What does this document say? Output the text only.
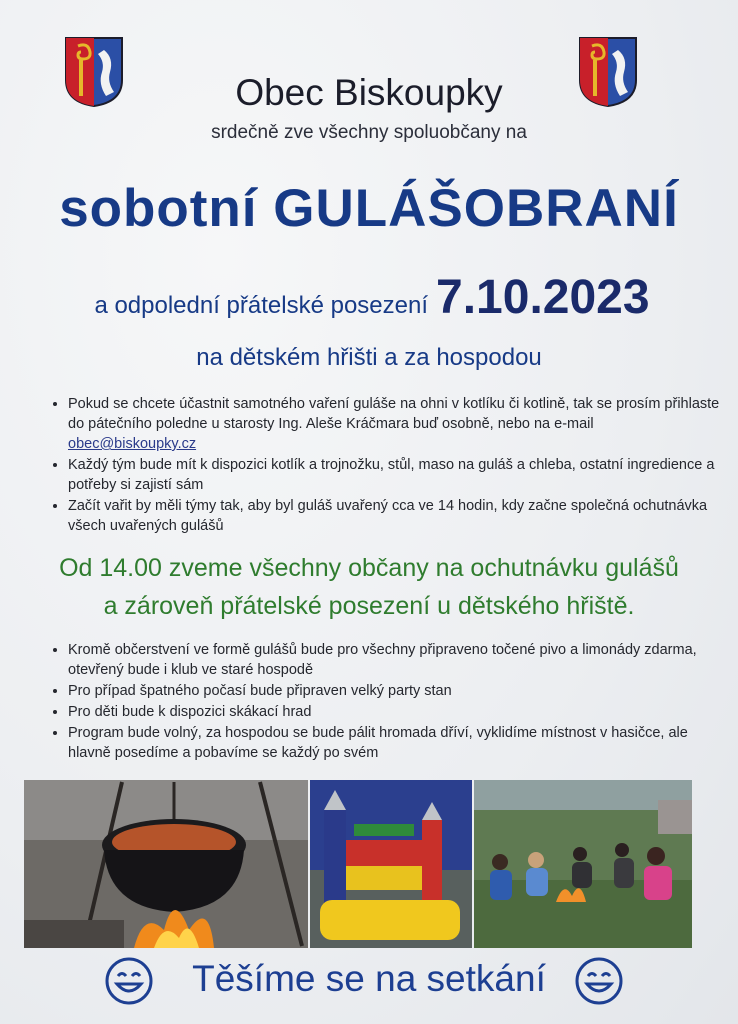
Obec Biskoupky
srdečně zve všechny spoluobčany na
sobotní GULÁŠOBRANÍ
a odpolední přátelské posezení 7.10.2023
na dětském hřišti a za hospodou
• Pokud se chcete účastnit samotného vaření guláše na ohni v kotlíku či kotlině, tak se prosím přihlaste do pátečního poledne u starosty Ing. Aleše Kráčmara buď osobně, nebo na e-mail
obec@biskoupky.cz
• Každý tým bude mít k dispozici kotlík a trojnožku, stůl, maso na guláš a chleba, ostatní ingredience a potřeby si zajistí sám
• Začít vařit by měli týmy tak, aby byl guláš uvařený cca ve 14 hodin, kdy začne společná ochutnávka všech uvařených gulášů
Od 14.00 zveme všechny občany na ochutnávku gulášů
a zároveň přátelské posezení u dětského hřiště.
• Kromě občerstvení ve formě gulášů bude pro všechny připraveno točené pivo a limonády zdarma, otevřený bude i klub ve staré hospodě
• Pro případ špatného počasí bude připraven velký party stan
• Pro děti bude k dispozici skákací hrad
• Program bude volný, za hospodou se bude pálit hromada dříví, vyklidíme místnost v hasičce, ale hlavně posedíme a pobavíme se každý po svém
Těšíme se na setkání
